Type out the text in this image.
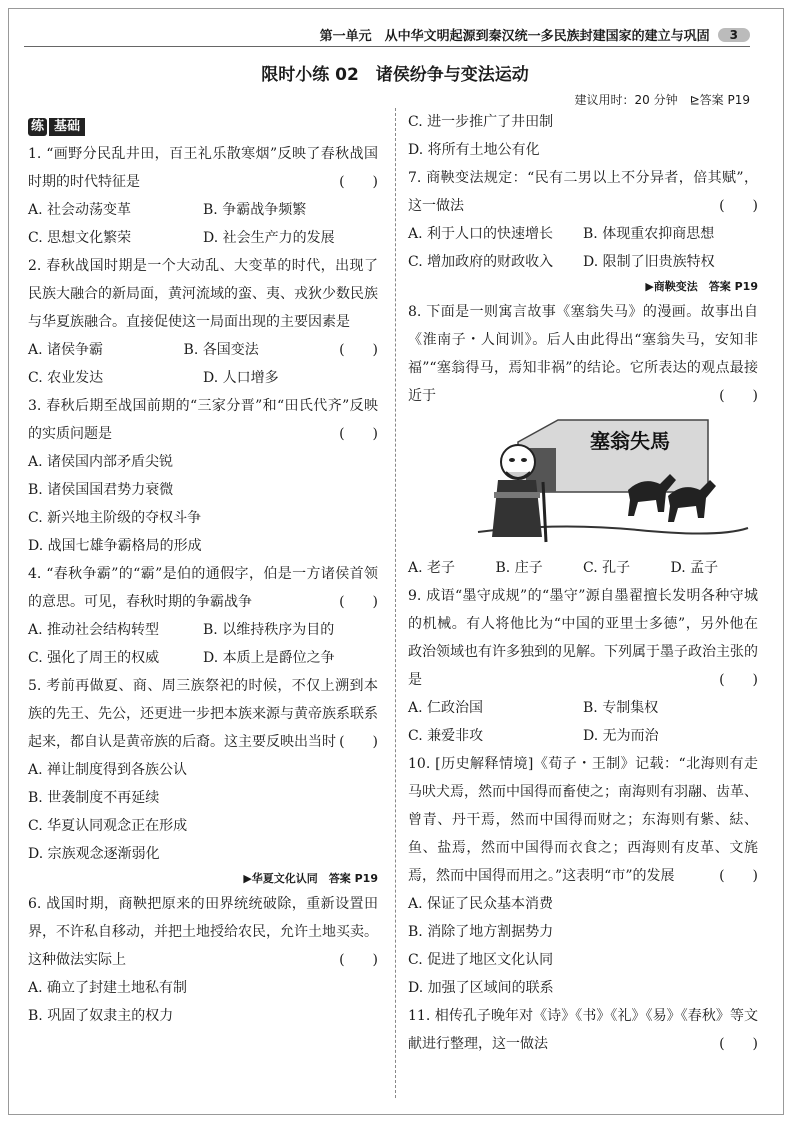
第一单元　从中华文明起源到秦汉统一多民族封建国家的建立与巩固	3
限时小练 02　诸侯纷争与变法运动
建议用时：20 分钟　⊵答案 P19
练 基础
1. “画野分民乱井田，百王礼乐散寒烟”反映了春秋战国时期的时代特征是	(　　)
A. 社会动荡变革	B. 争霸战争频繁
C. 思想文化繁荣	D. 社会生产力的发展
2. 春秋战国时期是一个大动乱、大变革的时代，出现了民族大融合的新局面，黄河流域的蛮、夷、戎狄少数民族与华夏族融合。直接促使这一局面出现的主要因素是
(　　)
A. 诸侯争霸	B. 各国变法
C. 农业发达	D. 人口增多
3. 春秋后期至战国前期的“三家分晋”和“田氏代齐”反映的实质问题是	(　　)
A. 诸侯国内部矛盾尖锐
B. 诸侯国国君势力衰微
C. 新兴地主阶级的夺权斗争
D. 战国七雄争霸格局的形成
4. “春秋争霸”的“霸”是伯的通假字，伯是一方诸侯首领的意思。可见，春秋时期的争霸战争	(　　)
A. 推动社会结构转型	B. 以维持秩序为目的
C. 强化了周王的权威	D. 本质上是爵位之争
5. 考前再做夏、商、周三族祭祀的时候，不仅上溯到本族的先王、先公，还更进一步把本族来源与黄帝族系联系起来，都自认是黄帝族的后裔。这主要反映出当时 (　　)
A. 禅让制度得到各族公认
B. 世袭制度不再延续
C. 华夏认同观念正在形成
D. 宗族观念逐渐弱化
▶华夏文化认同　答案 P19
6. 战国时期，商鞅把原来的田界统统破除，重新设置田界，不许私自移动，并把土地授给农民，允许土地买卖。这种做法实际上	(　　)
A. 确立了封建土地私有制
B. 巩固了奴隶主的权力
C. 进一步推广了井田制
D. 将所有土地公有化
7. 商鞅变法规定：“民有二男以上不分异者，倍其赋”，这一做法	(　　)
A. 利于人口的快速增长	B. 体现重农抑商思想
C. 增加政府的财政收入	D. 限制了旧贵族特权
▶商鞅变法　答案 P19
8. 下面是一则寓言故事《塞翁失马》的漫画。故事出自《淮南子・人间训》。后人由此得出“塞翁失马，安知非福”“塞翁得马，焉知非祸”的结论。它所表达的观点最接近于	(　　)
塞翁失馬
A. 老子	B. 庄子	C. 孔子	D. 孟子
9. 成语“墨守成规”的“墨守”源自墨翟擅长发明各种守城的机械。有人将他比为“中国的亚里士多德”，另外他在政治领域也有许多独到的见解。下列属于墨子政治主张的是	(　　)
A. 仁政治国	B. 专制集权
C. 兼爱非攻	D. 无为而治
10. [历史解释情境]《荀子・王制》记载：“北海则有走马吠犬焉，然而中国得而畜使之；南海则有羽翮、齿革、曾青、丹干焉，然而中国得而财之；东海则有紫、紶、鱼、盐焉，然而中国得而衣食之；西海则有皮革、文旄焉，然而中国得而用之。”这表明“市”的发展	(　　)
A. 保证了民众基本消费
B. 消除了地方割据势力
C. 促进了地区文化认同
D. 加强了区域间的联系
11. 相传孔子晚年对《诗》《书》《礼》《易》《春秋》等文献进行整理，这一做法	(　　)
